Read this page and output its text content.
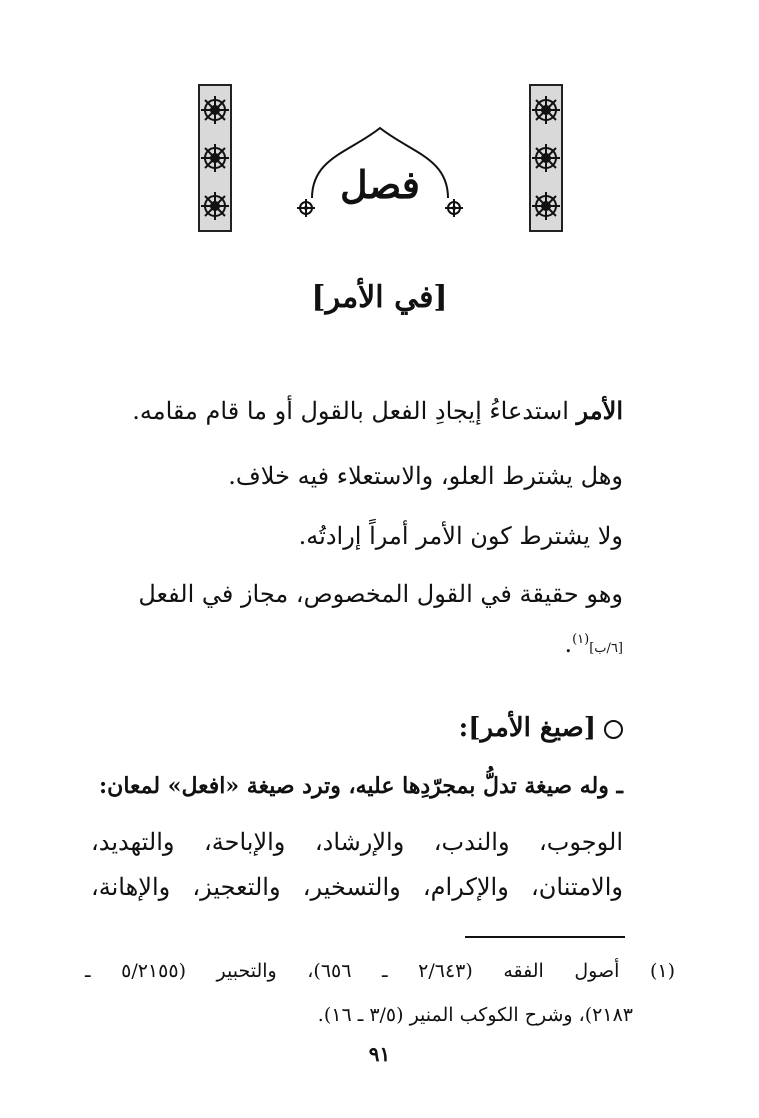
فصل
[في الأمر]
الأمر استدعاءُ إيجادِ الفعل بالقول أو ما قام مقامه.
وهل يشترط العلو، والاستعلاء فيه خلاف.
ولا يشترط كون الأمر أمراً إرادتُه.
وهو حقيقة في القول المخصوص، مجاز في الفعل
[٦/ب]$^{(١)}$.
[صيغ الأمر]:
ـ وله صيغة تدلُّ بمجرّدِها عليه، وترد صيغة «افعل» لمعان:
الوجوب، والندب، والإرشاد، والإباحة، والتهديد،
والامتنان، والإكرام، والتسخير، والتعجيز، والإهانة،
(١) أصول الفقه (٢/٦٤٣ ـ ٦٥٦)، والتحبير (٥/٢١٥٥ ـ
٢١٨٣)، وشرح الكوكب المنير (٣/٥ ـ ١٦).
٩١
